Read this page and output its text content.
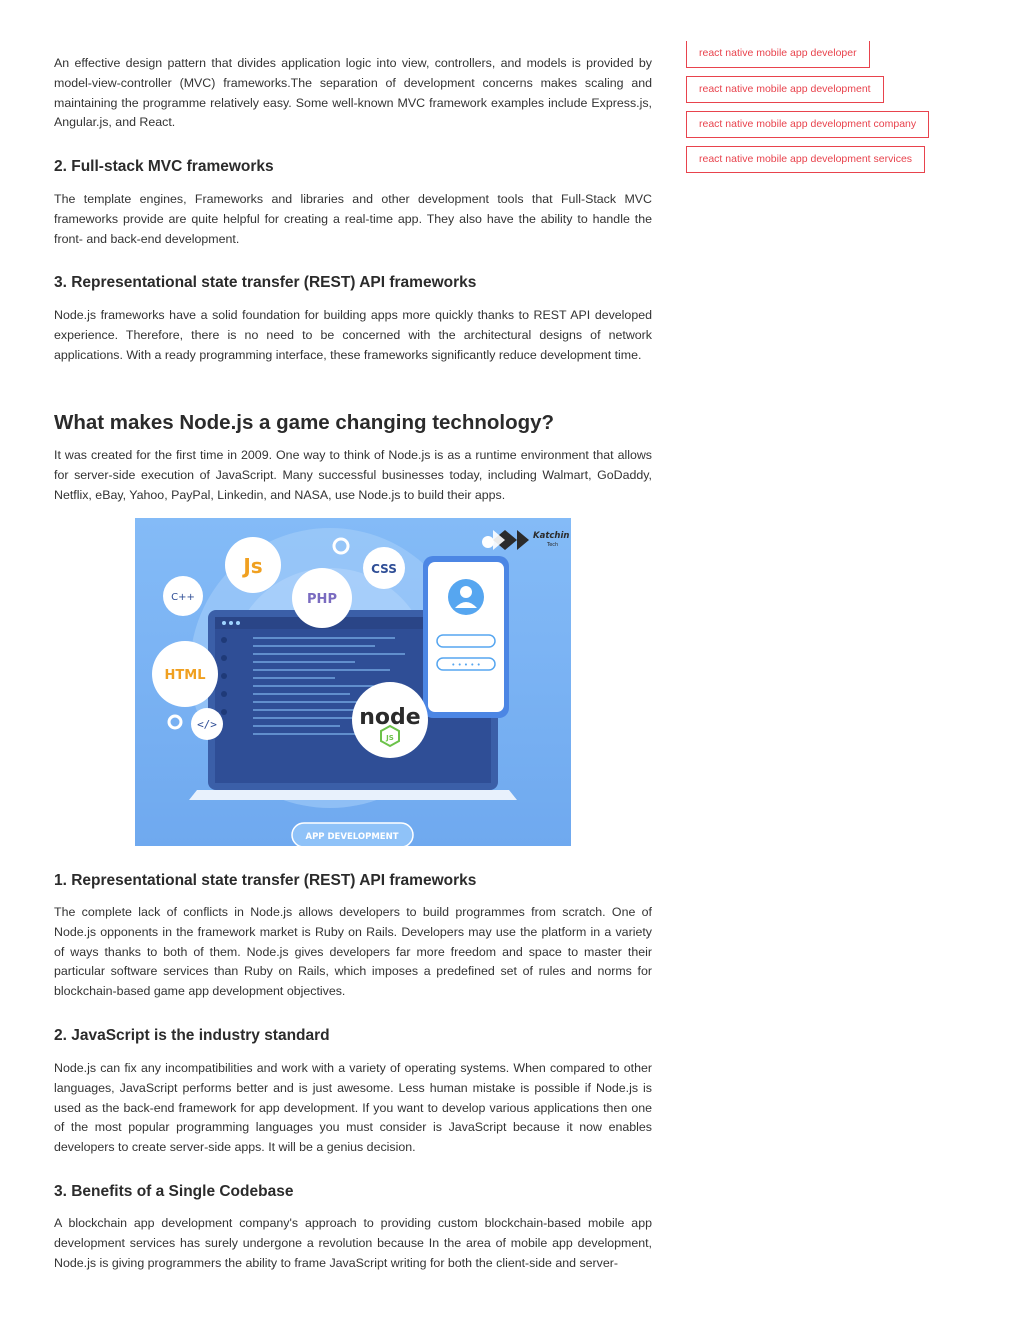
An effective design pattern that divides application logic into view, controllers, and models is provided by model-view-controller (MVC) frameworks.The separation of development concerns makes scaling and maintaining the programme relatively easy. Some well-known MVC framework examples include Express.js, Angular.js, and React.

2. Full-stack MVC frameworks

The template engines, Frameworks and libraries and other development tools that Full-Stack MVC frameworks provide are quite helpful for creating a real-time app. They also have the ability to handle the front- and back-end development.

3. Representational state transfer (REST) API frameworks

Node.js frameworks have a solid foundation for building apps more quickly thanks to REST API developed experience. Therefore, there is no need to be concerned with the architectural designs of network applications. With a ready programming interface, these frameworks significantly reduce development time.

What makes Node.js a game changing technology?

It was created for the first time in 2009. One way to think of Node.js is as a runtime environment that allows for server-side execution of JavaScript. Many successful businesses today, including Walmart, GoDaddy, Netflix, eBay, Yahoo, PayPal, Linkedin, and NASA, use Node.js to build their apps.

1. Representational state transfer (REST) API frameworks

The complete lack of conflicts in Node.js allows developers to build programmes from scratch. One of Node.js opponents in the framework market is Ruby on Rails. Developers may use the platform in a variety of ways thanks to both of them. Node.js gives developers far more freedom and space to master their particular software services than Ruby on Rails, which imposes a predefined set of rules and norms for blockchain-based game app development objectives.

2. JavaScript is the industry standard

Node.js can fix any incompatibilities and work with a variety of operating systems. When compared to other languages, JavaScript performs better and is just awesome. Less human mistake is possible if Node.js is used as the back-end framework for app development. If you want to develop various applications then one of the most popular programming languages you must consider is JavaScript because it now enables developers to create server-side apps. It will be a genius decision.

3. Benefits of a Single Codebase

A blockchain app development company's approach to providing custom blockchain-based mobile app development services has surely undergone a revolution because In the area of mobile app development, Node.js is giving programmers the ability to frame JavaScript writing for both the client-side and server-

• • • • •
Js	CSS
C++	PHP
HTML
</>	node
JS
Katchin
Tech
APP DEVELOPMENT
react native mobile app developer
react native mobile app development
react native mobile app development company
react native mobile app development services
